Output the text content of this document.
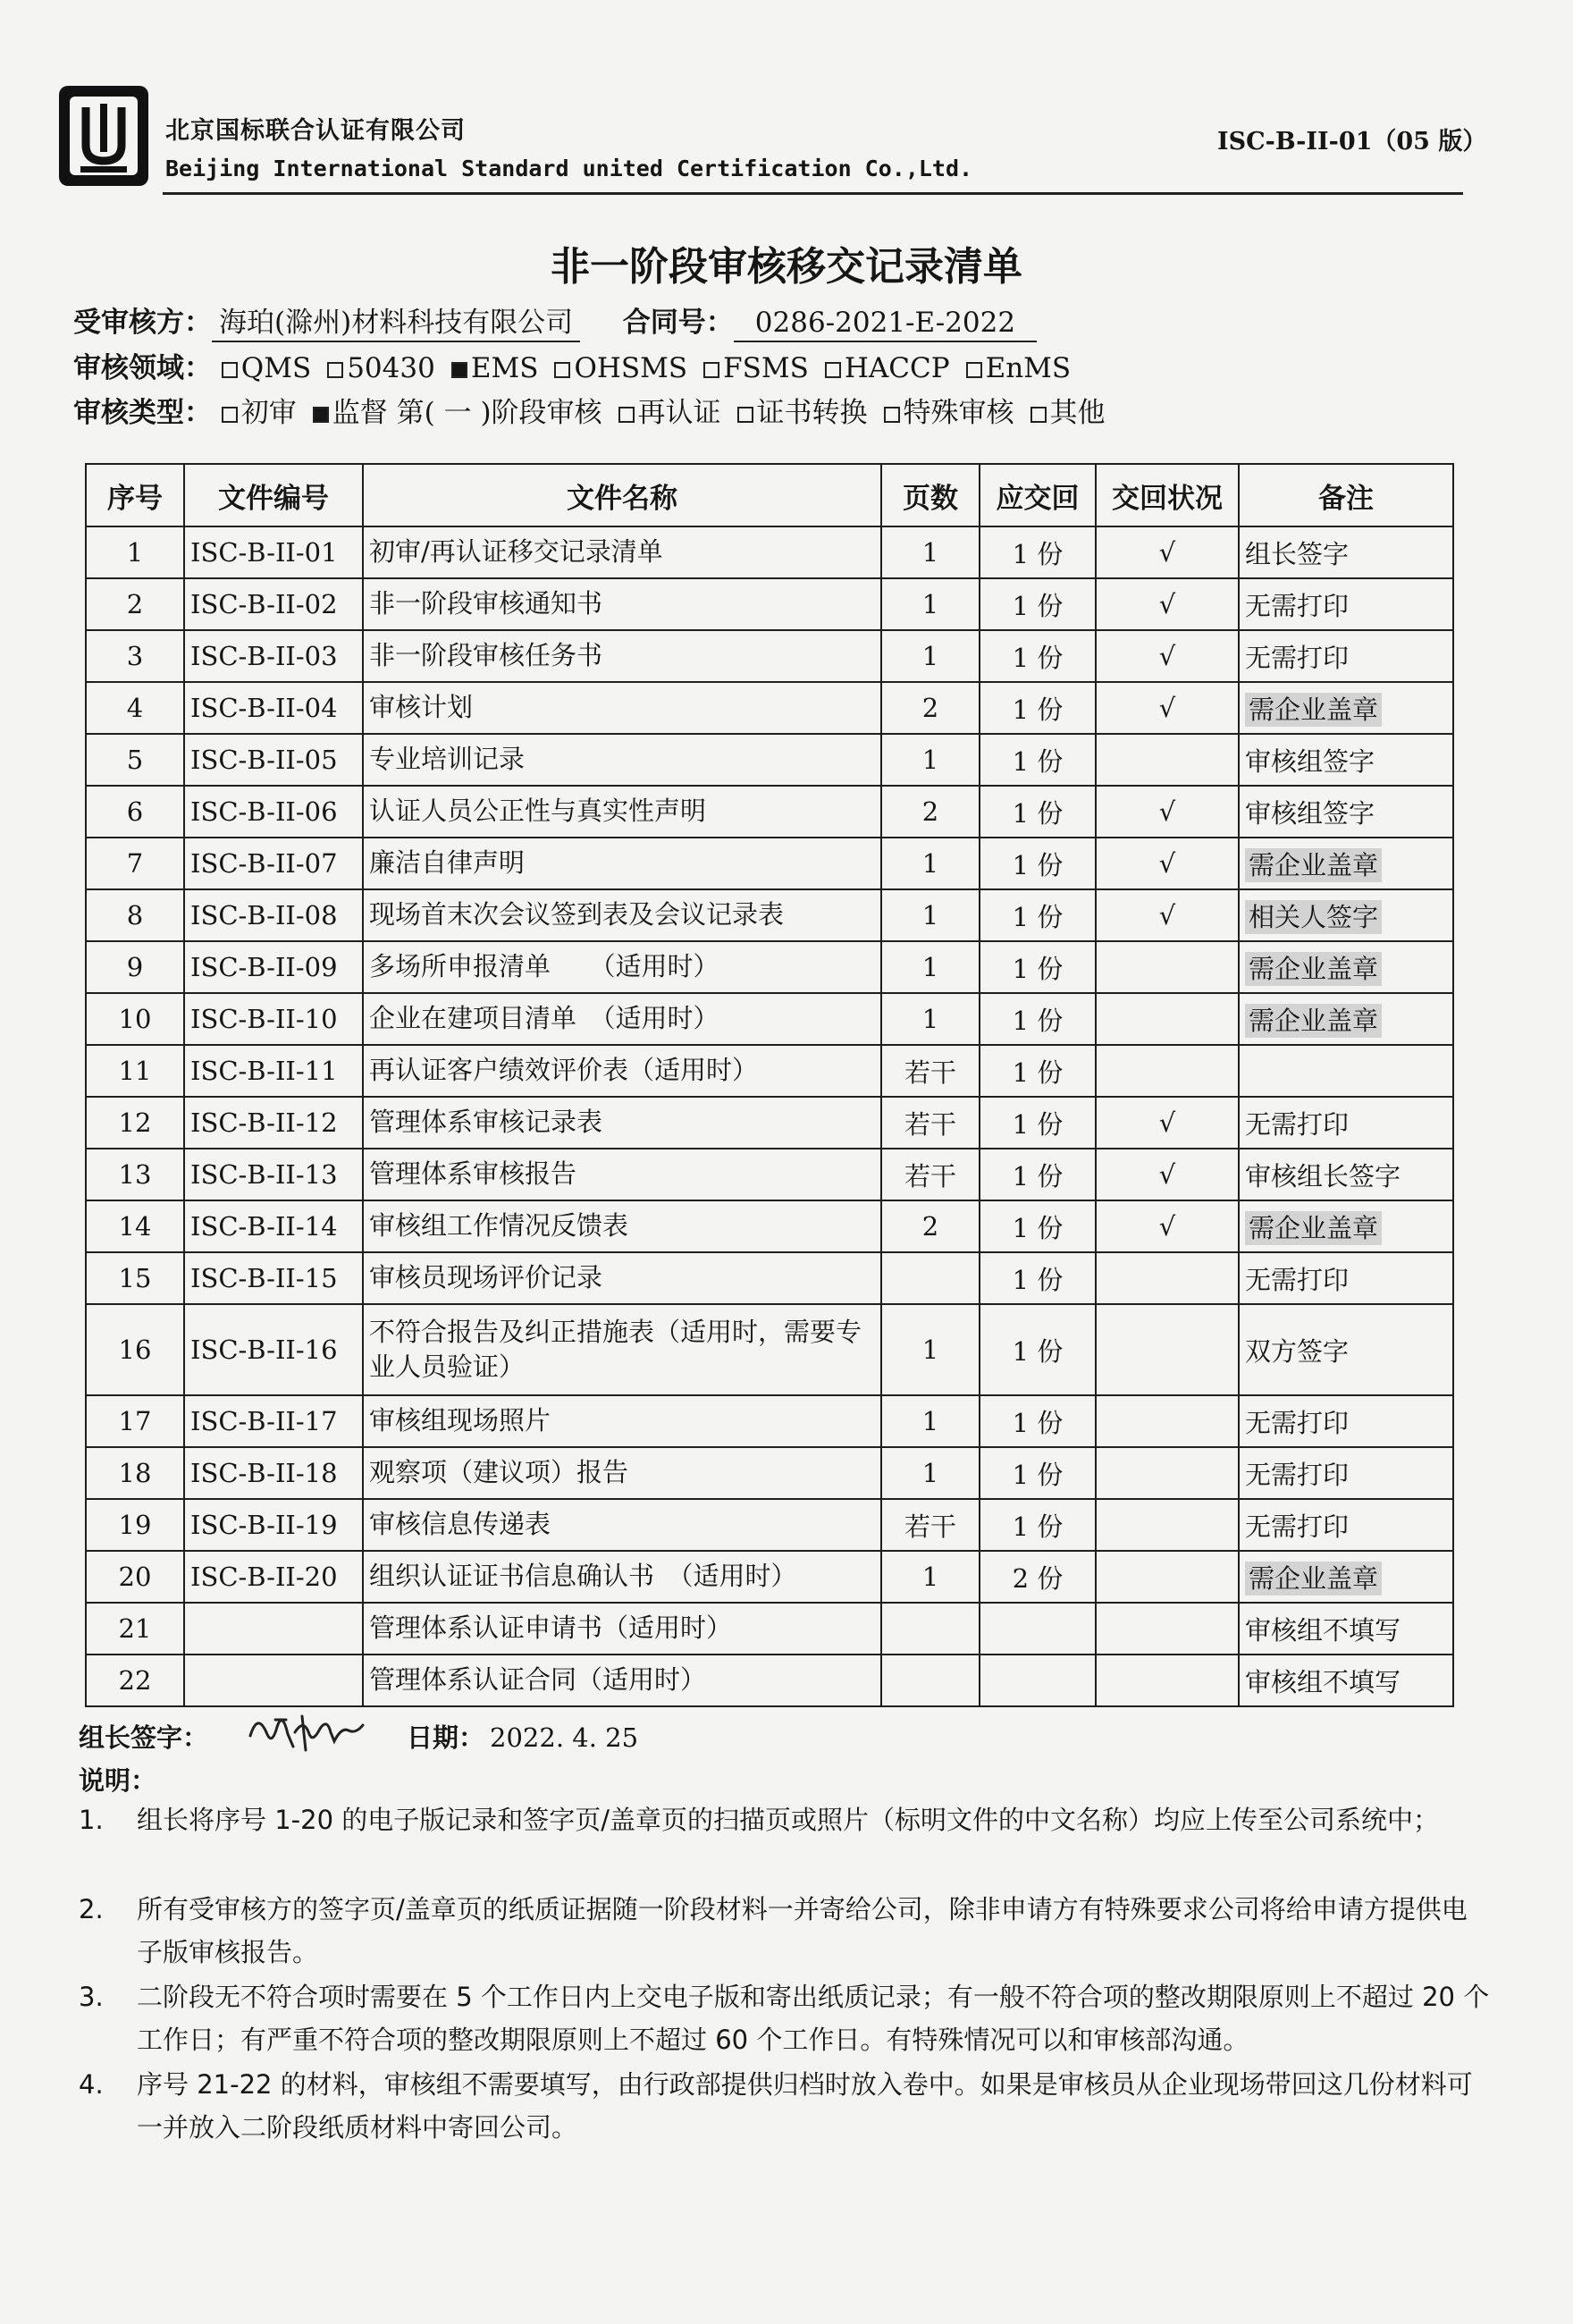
北京国标联合认证有限公司
Beijing International Standard united Certification Co.,Ltd.
ISC-B-II-01（05 版）
非一阶段审核移交记录清单
受审核方： 海珀(滁州)材料科技有限公司 合同号： 0286-2021-E-2022
审核领域： QMS 50430 EMS OHSMS FSMS HACCP EnMS
审核类型： 初审 监督 第( 一 )阶段审核 再认证 证书转换 特殊审核 其他
序号	文件编号	文件名称	页数	应交回	交回状况	备注
1	ISC-B-II-01	初审/再认证移交记录清单	1	1 份	√	组长签字
2	ISC-B-II-02	非一阶段审核通知书	1	1 份	√	无需打印
3	ISC-B-II-03	非一阶段审核任务书	1	1 份	√	无需打印
4	ISC-B-II-04	审核计划	2	1 份	√	需企业盖章
5	ISC-B-II-05	专业培训记录	1	1 份		审核组签字
6	ISC-B-II-06	认证人员公正性与真实性声明	2	1 份	√	审核组签字
7	ISC-B-II-07	廉洁自律声明	1	1 份	√	需企业盖章
8	ISC-B-II-08	现场首末次会议签到表及会议记录表	1	1 份	√	相关人签字
9	ISC-B-II-09	多场所申报清单　　（适用时）	1	1 份		需企业盖章
10	ISC-B-II-10	企业在建项目清单　（适用时）	1	1 份		需企业盖章
11	ISC-B-II-11	再认证客户绩效评价表（适用时）	若干	1 份		
12	ISC-B-II-12	管理体系审核记录表	若干	1 份	√	无需打印
13	ISC-B-II-13	管理体系审核报告	若干	1 份	√	审核组长签字
14	ISC-B-II-14	审核组工作情况反馈表	2	1 份	√	需企业盖章
15	ISC-B-II-15	审核员现场评价记录		1 份		无需打印
16	ISC-B-II-16	不符合报告及纠正措施表（适用时，需要专业人员验证）	1	1 份		双方签字
17	ISC-B-II-17	审核组现场照片	1	1 份		无需打印
18	ISC-B-II-18	观察项（建议项）报告	1	1 份		无需打印
19	ISC-B-II-19	审核信息传递表	若干	1 份		无需打印
20	ISC-B-II-20	组织认证证书信息确认书　（适用时）	1	2 份		需企业盖章
21		管理体系认证申请书（适用时）				审核组不填写
22		管理体系认证合同（适用时）				审核组不填写
组长签字：	日期： 2022. 4. 25
说明：
1.	组长将序号 1-20 的电子版记录和签字页/盖章页的扫描页或照片（标明文件的中文名称）均应上传至公司系统中；
2.	所有受审核方的签字页/盖章页的纸质证据随一阶段材料一并寄给公司，除非申请方有特殊要求公司将给申请方提供电子版审核报告。
3.	二阶段无不符合项时需要在 5 个工作日内上交电子版和寄出纸质记录；有一般不符合项的整改期限原则上不超过 20 个工作日；有严重不符合项的整改期限原则上不超过 60 个工作日。有特殊情况可以和审核部沟通。
4.	序号 21-22 的材料，审核组不需要填写，由行政部提供归档时放入卷中。如果是审核员从企业现场带回这几份材料可一并放入二阶段纸质材料中寄回公司。
